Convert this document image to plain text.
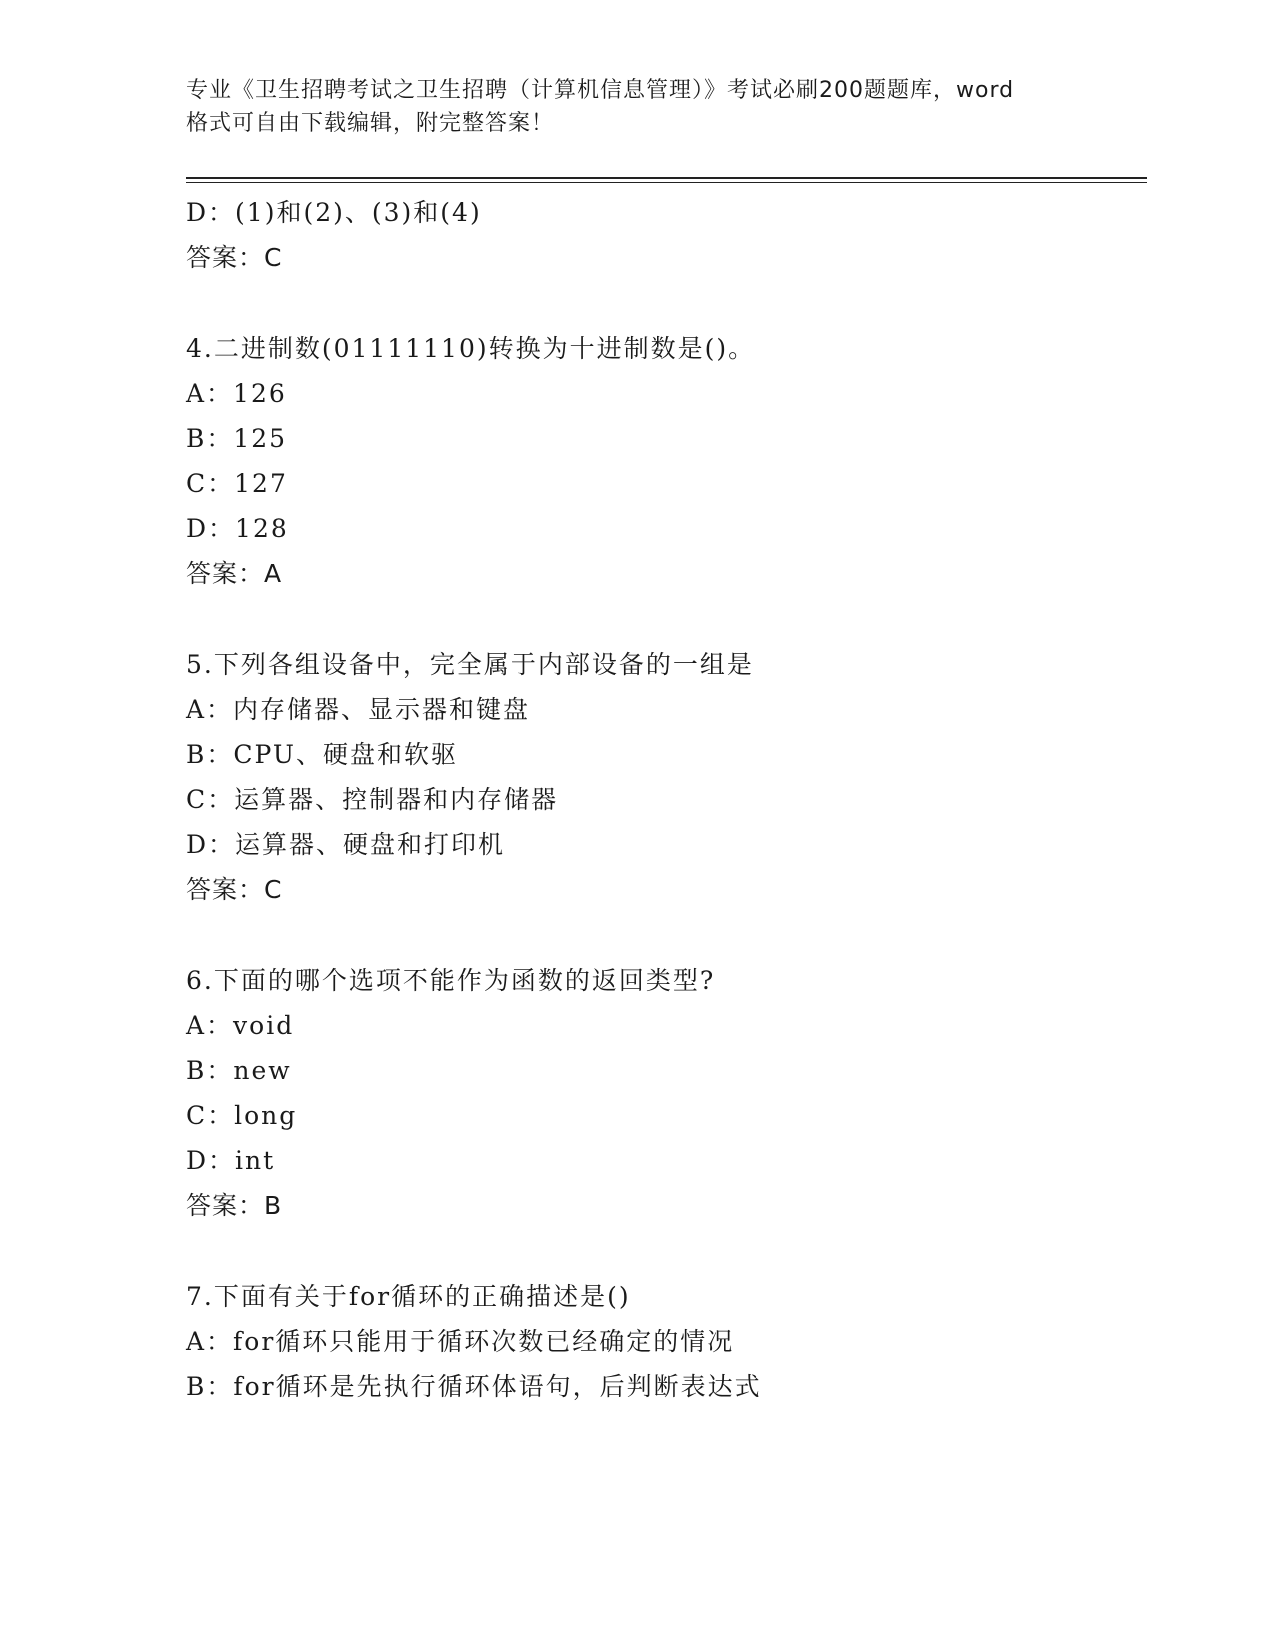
专业《卫生招聘考试之卫生招聘（计算机信息管理）》考试必刷200题题库，word
格式可自由下载编辑，附完整答案！
D：(1)和(2)、(3)和(4)
答案：C
4.二进制数(01111110)转换为十进制数是()。
A：126
B：125
C：127
D：128
答案：A
5.下列各组设备中，完全属于内部设备的一组是
A：内存储器、显示器和键盘
B：CPU、硬盘和软驱
C：运算器、控制器和内存储器
D：运算器、硬盘和打印机
答案：C
6.下面的哪个选项不能作为函数的返回类型?
A：void
B：new
C：long
D：int
答案：B
7.下面有关于for循环的正确描述是()
A：for循环只能用于循环次数已经确定的情况
B：for循环是先执行循环体语句，后判断表达式
